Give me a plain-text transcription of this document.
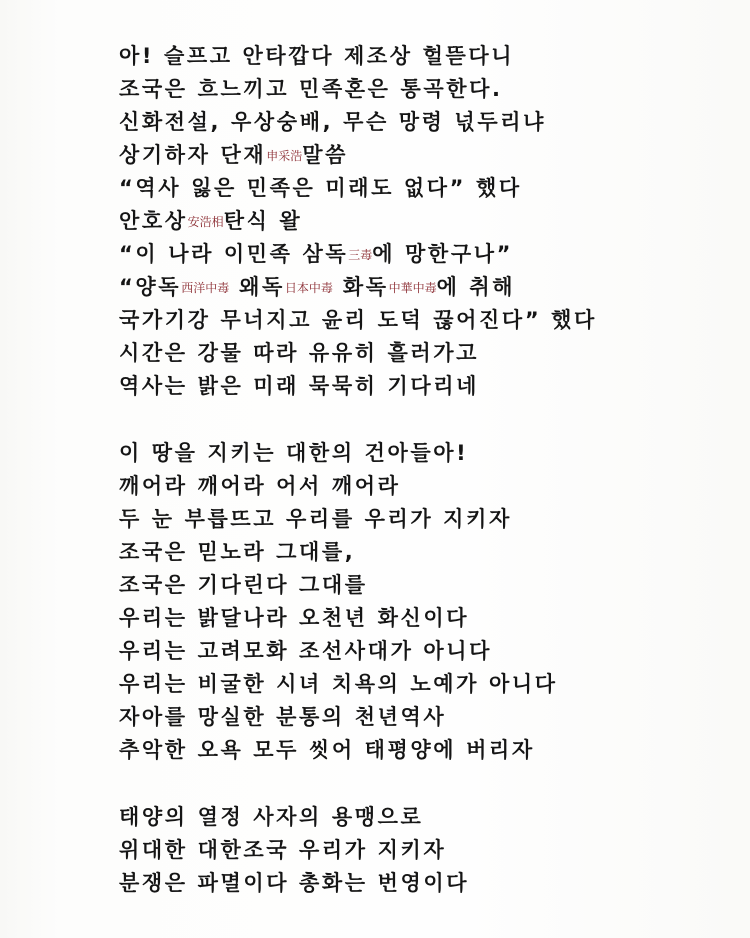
아! 슬프고 안타깝다 제조상 헐뜯다니
조국은 흐느끼고 민족혼은 통곡한다.
신화전설, 우상숭배, 무슨 망령 넋두리냐
상기하자 단재申采浩말씀
“역사 잃은 민족은 미래도 없다” 했다
안호상安浩相탄식 왈
“이 나라 이민족 삼독三毒에 망한구나”
“양독西洋中毒 왜독日本中毒 화독中華中毒에 취해
국가기강 무너지고 윤리 도덕 끊어진다” 했다
시간은 강물 따라 유유히 흘러가고
역사는 밝은 미래 묵묵히 기다리네
이 땅을 지키는 대한의 건아들아!
깨어라 깨어라 어서 깨어라
두 눈 부릅뜨고 우리를 우리가 지키자
조국은 믿노라 그대를,
조국은 기다린다 그대를
우리는 밝달나라 오천년 화신이다
우리는 고려모화 조선사대가 아니다
우리는 비굴한 시녀 치욕의 노예가 아니다
자아를 망실한 분통의 천년역사
추악한 오욕 모두 씻어 태평양에 버리자
태양의 열정 사자의 용맹으로
위대한 대한조국 우리가 지키자
분쟁은 파멸이다 총화는 번영이다
